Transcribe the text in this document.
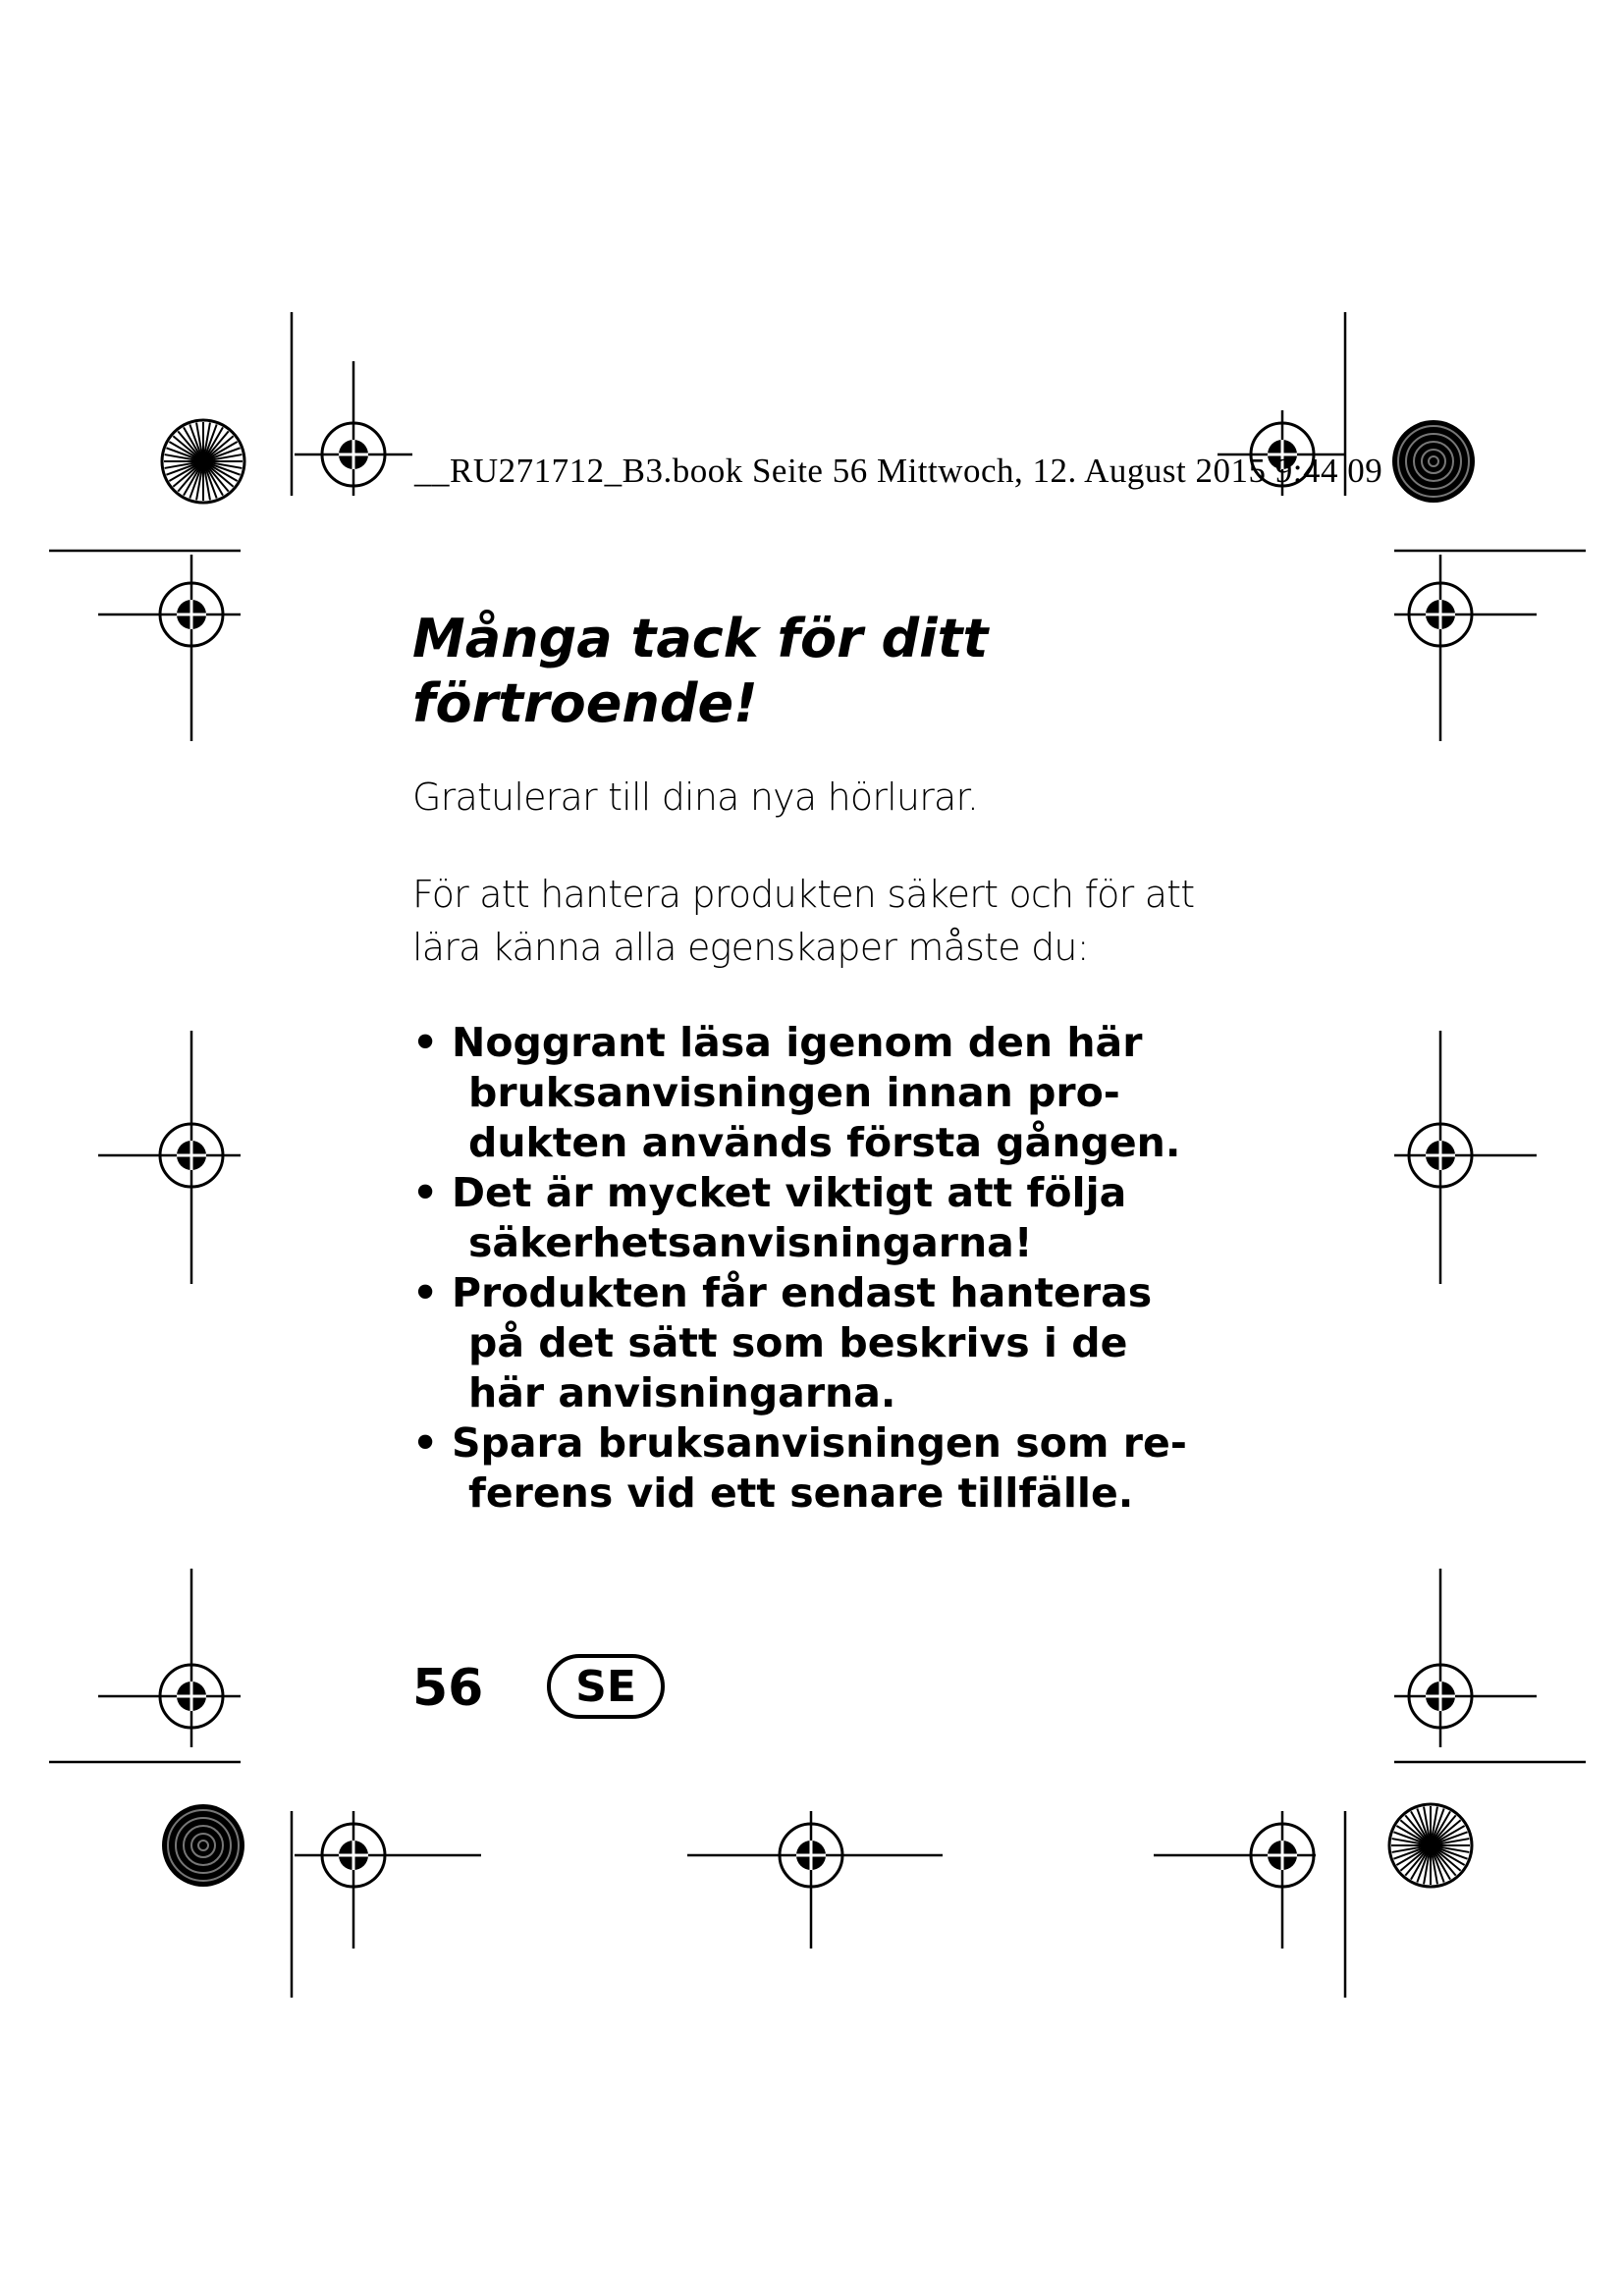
__RU271712_B3.book Seite 56 Mittwoch, 12. August 2015 9:44 09
Många tack för ditt
förtroende!

Gratulerar till dina nya hörlurar.

För att hantera produkten säkert och för att
lära känna alla egenskaper måste du:

• Noggrant läsa igenom den här
bruksanvisningen innan pro-
dukten används första gången.
• Det är mycket viktigt att följa
säkerhetsanvisningarna!
• Produkten får endast hanteras
på det sätt som beskrivs i de
här anvisningarna.
• Spara bruksanvisningen som re-
ferens vid ett senare tillfälle.
56	SE
